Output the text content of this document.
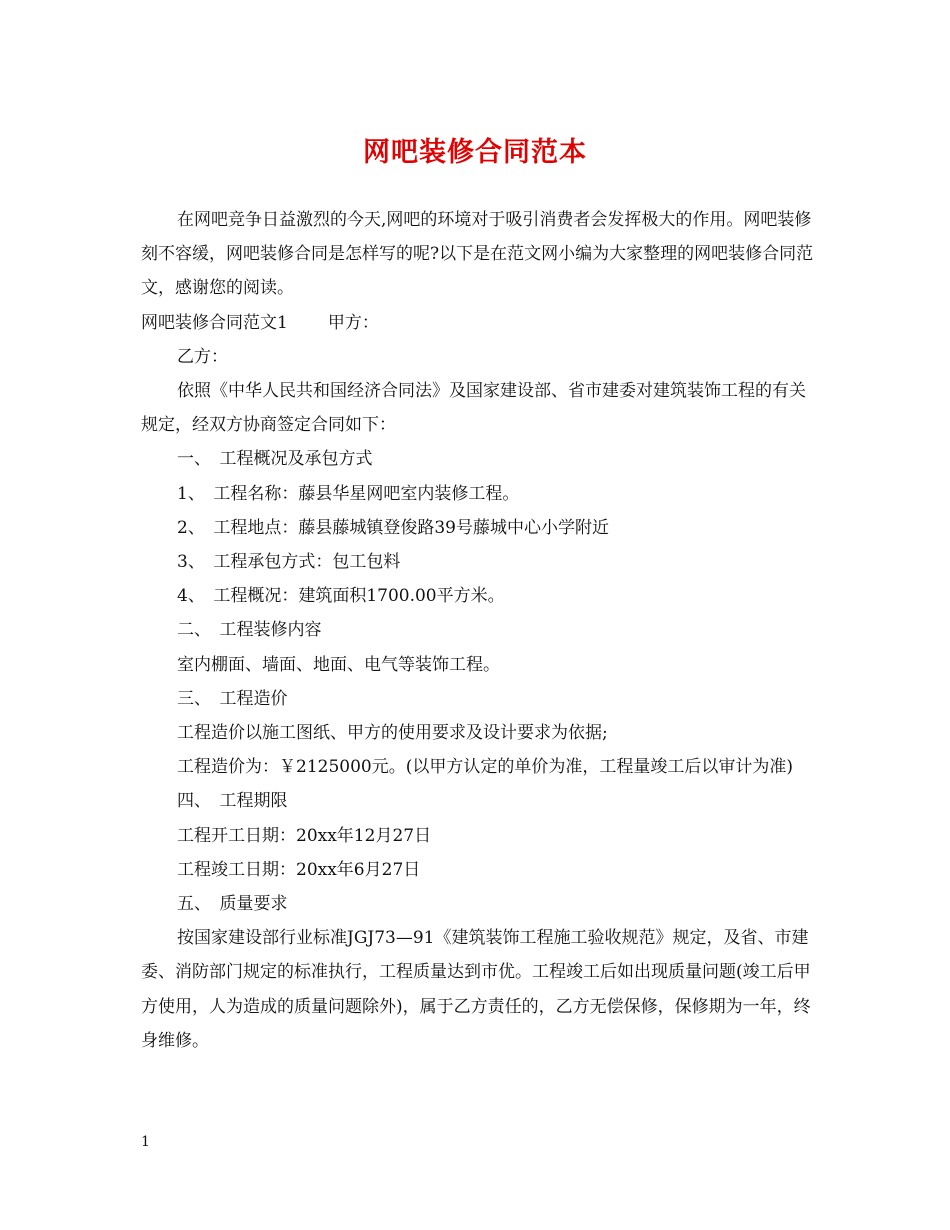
网吧装修合同范本

在网吧竞争日益激烈的今天,网吧的环境对于吸引消费者会发挥极大的作用。网吧装修刻不容缓，网吧装修合同是怎样写的呢?以下是在范文网小编为大家整理的网吧装修合同范文，感谢您的阅读。

网吧装修合同范文1 甲方：

乙方：

依照《中华人民共和国经济合同法》及国家建设部、省市建委对建筑装饰工程的有关规定，经双方协商签定合同如下：

一、　工程概况及承包方式

1、　工程名称：藤县华星网吧室内装修工程。

2、　工程地点：藤县藤城镇登俊路39号藤城中心小学附近

3、　工程承包方式：包工包料

4、　工程概况：建筑面积1700.00平方米。

二、　工程装修内容

室内棚面、墙面、地面、电气等装饰工程。

三、　工程造价

工程造价以施工图纸、甲方的使用要求及设计要求为依据;

工程造价为：￥2125000元。(以甲方认定的单价为准，工程量竣工后以审计为准)

四、　工程期限

工程开工日期：20xx年12月27日

工程竣工日期：20xx年6月27日

五、　质量要求

按国家建设部行业标准JGJ73—91《建筑装饰工程施工验收规范》规定，及省、市建委、消防部门规定的标准执行，工程质量达到市优。工程竣工后如出现质量问题(竣工后甲方使用，人为造成的质量问题除外)，属于乙方责任的，乙方无偿保修，保修期为一年，终身维修。

1
